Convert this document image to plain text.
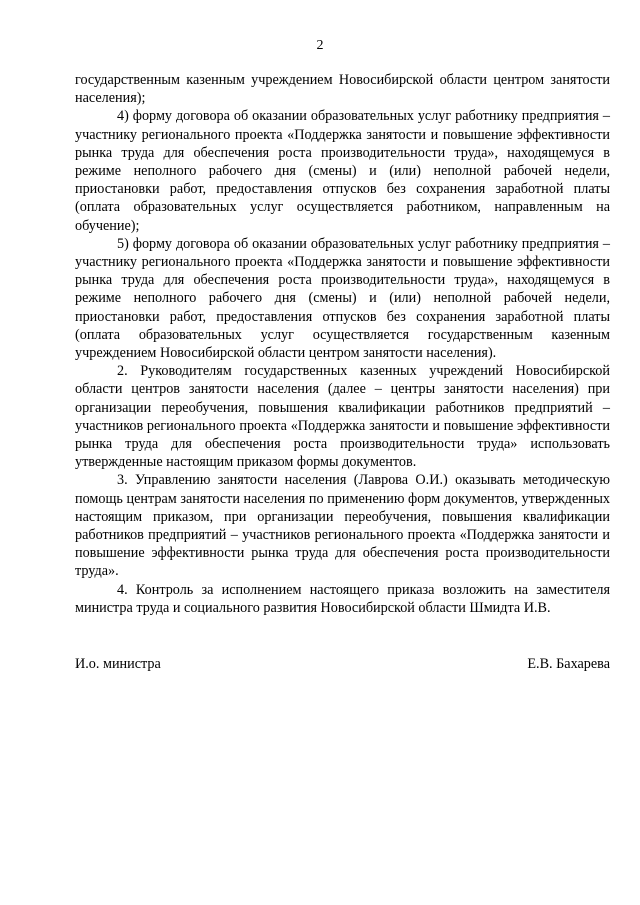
2

государственным казенным учреждением Новосибирской области центром занятости населения);

4) форму договора об оказании образовательных услуг работнику предприятия – участнику регионального проекта «Поддержка занятости и повышение эффективности рынка труда для обеспечения роста производительности труда», находящемуся в режиме неполного рабочего дня (смены) и (или) неполной рабочей недели, приостановки работ, предоставления отпусков без сохранения заработной платы (оплата образовательных услуг осуществляется работником, направленным на обучение);

5) форму договора об оказании образовательных услуг работнику предприятия – участнику регионального проекта «Поддержка занятости и повышение эффективности рынка труда для обеспечения роста производительности труда», находящемуся в режиме неполного рабочего дня (смены) и (или) неполной рабочей недели, приостановки работ, предоставления отпусков без сохранения заработной платы (оплата образовательных услуг осуществляется государственным казенным учреждением Новосибирской области центром занятости населения).

2. Руководителям государственных казенных учреждений Новосибирской области центров занятости населения (далее – центры занятости населения) при организации переобучения, повышения квалификации работников предприятий – участников регионального проекта «Поддержка занятости и повышение эффективности рынка труда для обеспечения роста производительности труда» использовать утвержденные настоящим приказом формы документов.

3. Управлению занятости населения (Лаврова О.И.) оказывать методическую помощь центрам занятости населения по применению форм документов, утвержденных настоящим приказом, при организации переобучения, повышения квалификации работников предприятий – участников регионального проекта «Поддержка занятости и повышение эффективности рынка труда для обеспечения роста производительности труда».

4. Контроль за исполнением настоящего приказа возложить на заместителя министра труда и социального развития Новосибирской области Шмидта И.В.

И.о. министра	Е.В. Бахарева
